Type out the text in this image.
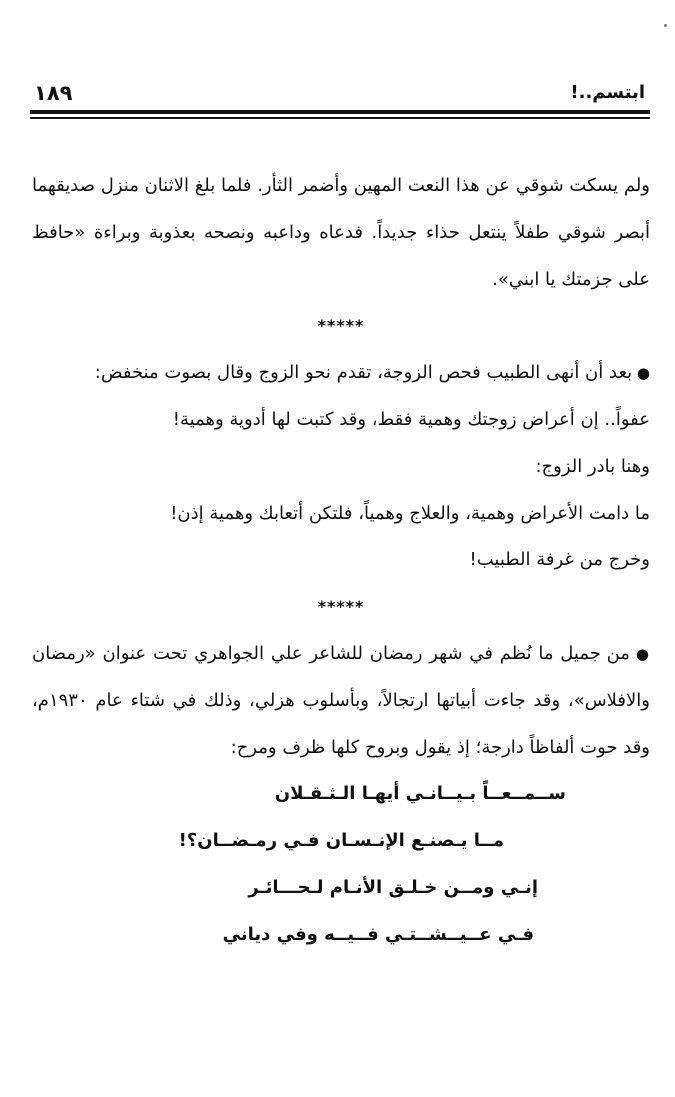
١٨٩	ابتسم..!

ولم يسكت شوقي عن هذا النعت المهين وأضمر الثأر. فلما بلغ الاثنان منزل صديقهما أبصر شوقي طفلاً ينتعل حذاء جديداً. فدعاه وداعبه ونصحه بعذوبة وبراءة «حافظ على جزمتك يا ابني».

*****

● بعد أن أنهى الطبيب فحص الزوجة، تقدم نحو الزوج وقال بصوت منخفض:

عفواً.. إن أعراض زوجتك وهمية فقط، وقد كتبت لها أدوية وهمية!

وهنا بادر الزوج:

ما دامت الأعراض وهمية، والعلاج وهمياً، فلتكن أتعابك وهمية إذن!

وخرج من غرفة الطبيب!

*****

● من جميل ما نُظم في شهر رمضان للشاعر علي الجواهري تحت عنوان «رمضان والافلاس»، وقد جاءت أبياتها ارتجالاً، وبأسلوب هزلي، وذلك في شتاء عام ١٩٣٠م، وقد حوت ألفاظاً دارجة؛ إذ يقول وبروح كلها ظرف ومرح:

ســمــعــاً بـيــانـي أيهـا الـثـقـلان

مــا يـصنـع الإنـسـان فـي رمـضــان؟!

إنـي ومــن خـلـق الأنـام لـحـــائـر

فـي عــيــشــتـي فــيــه وفي دياني
